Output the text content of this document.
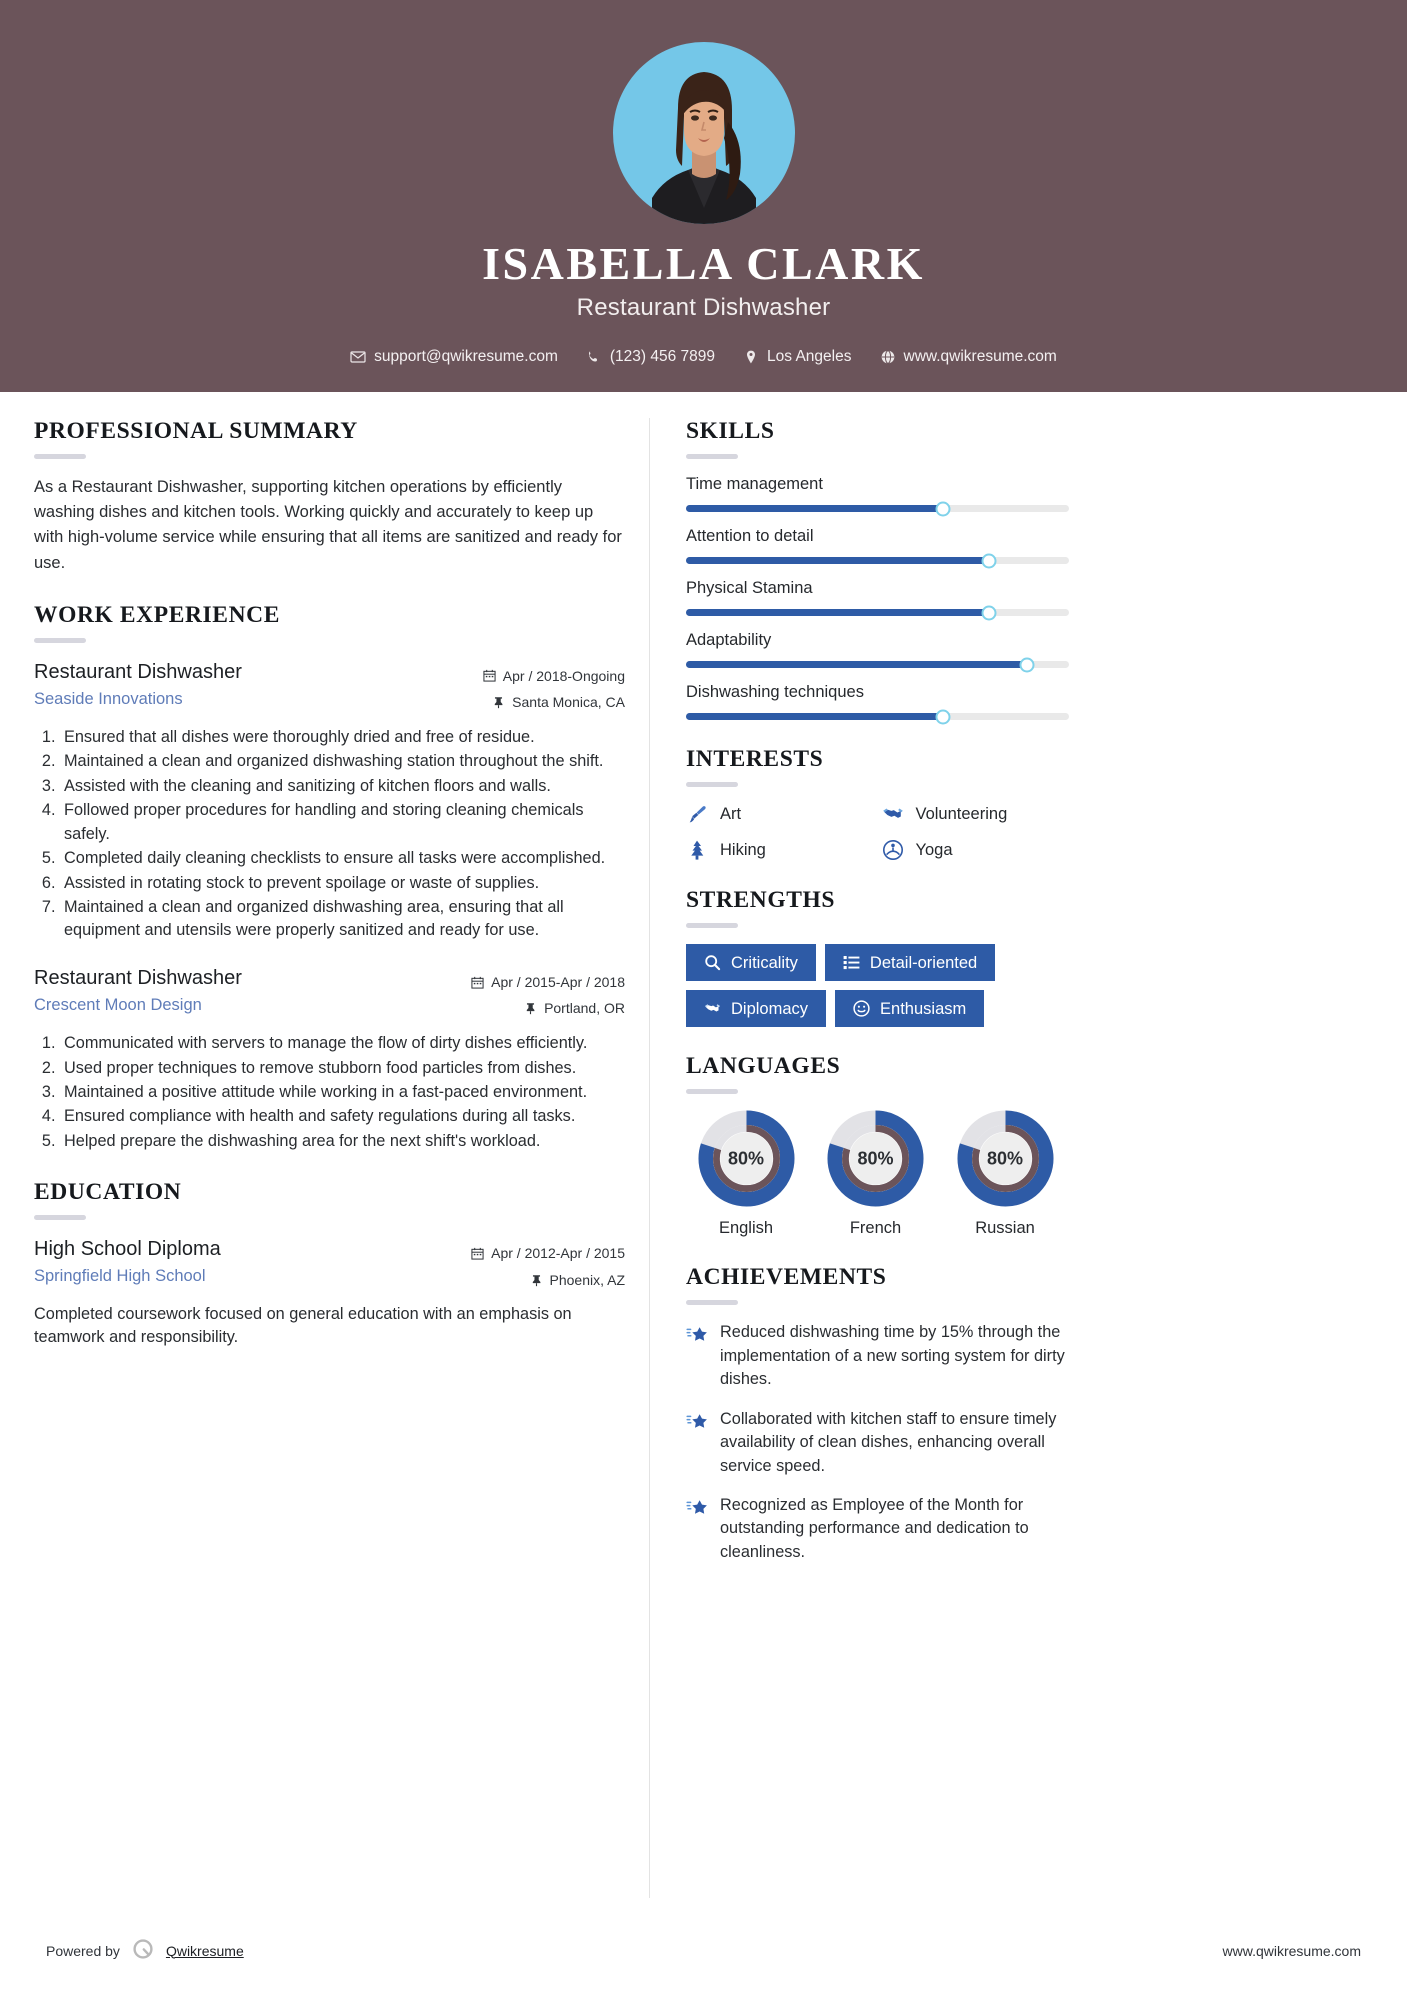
ISABELLA CLARK
Restaurant Dishwasher
support@qwikresume.com	(123) 456 7899	Los Angeles	www.qwikresume.com
PROFESSIONAL SUMMARY
As a Restaurant Dishwasher, supporting kitchen operations by efficiently washing dishes and kitchen tools. Working quickly and accurately to keep up with high-volume service while ensuring that all items are sanitized and ready for use.
WORK EXPERIENCE
Restaurant Dishwasher
Seaside Innovations
Apr / 2018-Ongoing
Santa Monica, CA
1. Ensured that all dishes were thoroughly dried and free of residue.
2. Maintained a clean and organized dishwashing station throughout the shift.
3. Assisted with the cleaning and sanitizing of kitchen floors and walls.
4. Followed proper procedures for handling and storing cleaning chemicals safely.
5. Completed daily cleaning checklists to ensure all tasks were accomplished.
6. Assisted in rotating stock to prevent spoilage or waste of supplies.
7. Maintained a clean and organized dishwashing area, ensuring that all equipment and utensils were properly sanitized and ready for use.
Restaurant Dishwasher
Crescent Moon Design
Apr / 2015-Apr / 2018
Portland, OR
1. Communicated with servers to manage the flow of dirty dishes efficiently.
2. Used proper techniques to remove stubborn food particles from dishes.
3. Maintained a positive attitude while working in a fast-paced environment.
4. Ensured compliance with health and safety regulations during all tasks.
5. Helped prepare the dishwashing area for the next shift's workload.
EDUCATION
High School Diploma
Springfield High School
Apr / 2012-Apr / 2015
Phoenix, AZ
Completed coursework focused on general education with an emphasis on teamwork and responsibility.
SKILLS
Time management
Attention to detail
Physical Stamina
Adaptability
Dishwashing techniques
INTERESTS
Art	Volunteering
Hiking	Yoga
STRENGTHS
Criticality	Detail-oriented
Diplomacy	Enthusiasm
LANGUAGES
80%
English
80%
French
80%
Russian
ACHIEVEMENTS
Reduced dishwashing time by 15% through the implementation of a new sorting system for dirty dishes.
Collaborated with kitchen staff to ensure timely availability of clean dishes, enhancing overall service speed.
Recognized as Employee of the Month for outstanding performance and dedication to cleanliness.
Powered by	Qwikresume	www.qwikresume.com
